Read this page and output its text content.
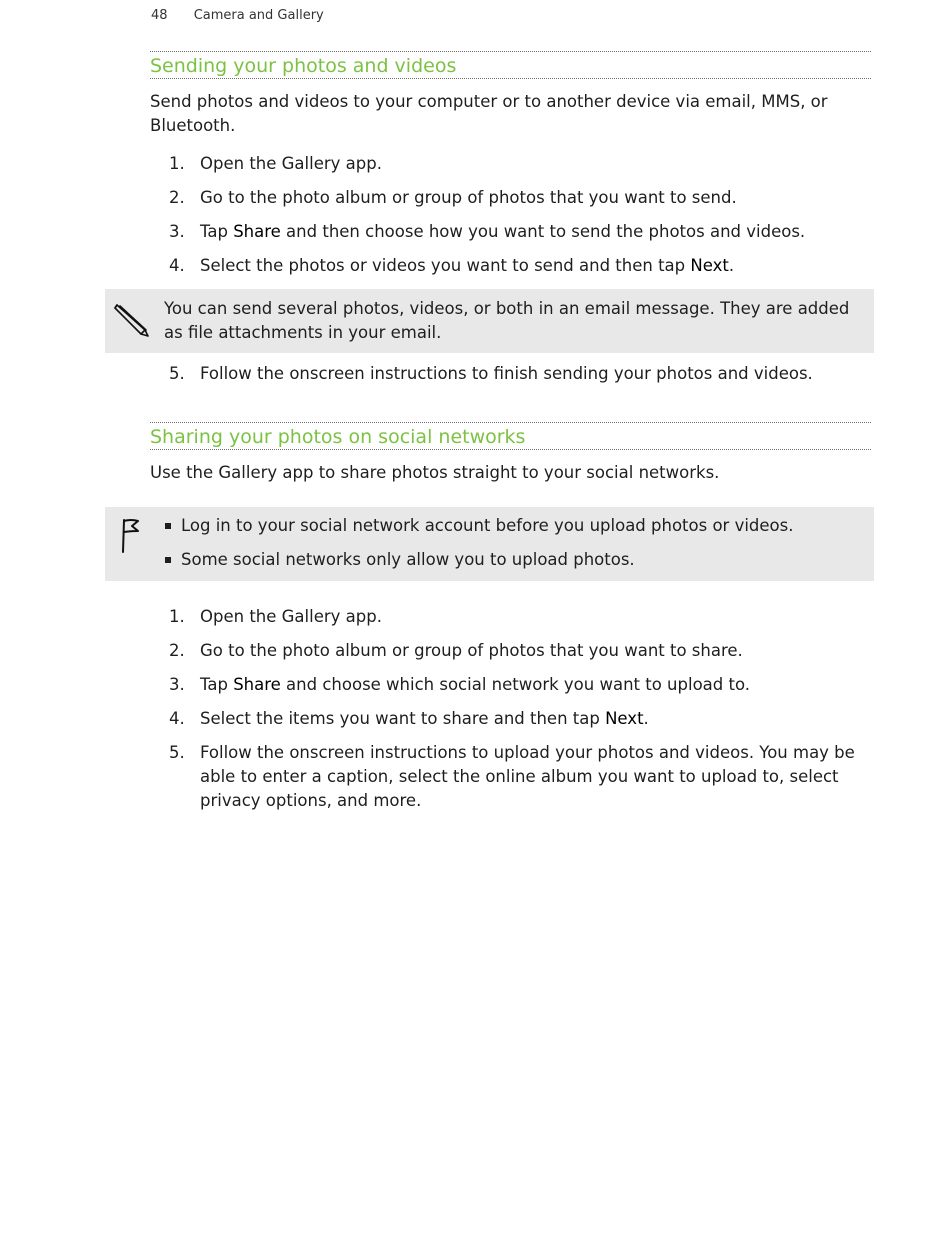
48 Camera and Gallery
Sending your photos and videos

Send photos and videos to your computer or to another device via email, MMS, or Bluetooth.

1. Open the Gallery app.
2. Go to the photo album or group of photos that you want to send.
3. Tap Share and then choose how you want to send the photos and videos.
4. Select the photos or videos you want to send and then tap Next.

You can send several photos, videos, or both in an email message. They are added as file attachments in your email.

5. Follow the onscreen instructions to finish sending your photos and videos.
Sharing your photos on social networks

Use the Gallery app to share photos straight to your social networks.

Log in to your social network account before you upload photos or videos.
Some social networks only allow you to upload photos.
1. Open the Gallery app.
2. Go to the photo album or group of photos that you want to share.
3. Tap Share and choose which social network you want to upload to.
4. Select the items you want to share and then tap Next.
5. Follow the onscreen instructions to upload your photos and videos. You may be able to enter a caption, select the online album you want to upload to, select privacy options, and more.
